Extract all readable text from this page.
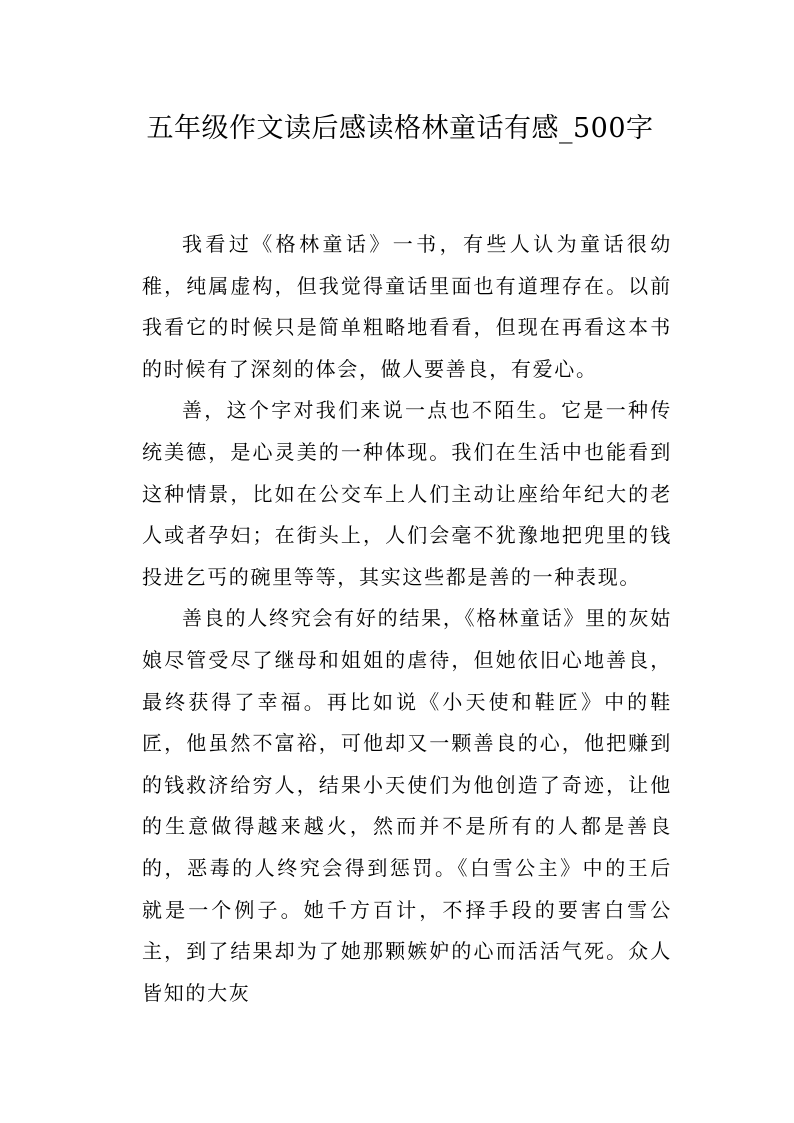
五年级作文读后感读格林童话有感_500字

我看过《格林童话》一书，有些人认为童话很幼稚，纯属虚构，但我觉得童话里面也有道理存在。以前我看它的时候只是简单粗略地看看，但现在再看这本书的时候有了深刻的体会，做人要善良，有爱心。

善，这个字对我们来说一点也不陌生。它是一种传统美德，是心灵美的一种体现。我们在生活中也能看到这种情景，比如在公交车上人们主动让座给年纪大的老人或者孕妇；在街头上，人们会毫不犹豫地把兜里的钱投进乞丐的碗里等等，其实这些都是善的一种表现。

善良的人终究会有好的结果，《格林童话》里的灰姑娘尽管受尽了继母和姐姐的虐待，但她依旧心地善良，最终获得了幸福。再比如说《小天使和鞋匠》中的鞋匠，他虽然不富裕，可他却又一颗善良的心，他把赚到的钱救济给穷人，结果小天使们为他创造了奇迹，让他的生意做得越来越火，然而并不是所有的人都是善良的，恶毒的人终究会得到惩罚。《白雪公主》中的王后就是一个例子。她千方百计，不择手段的要害白雪公主，到了结果却为了她那颗嫉妒的心而活活气死。众人皆知的大灰
